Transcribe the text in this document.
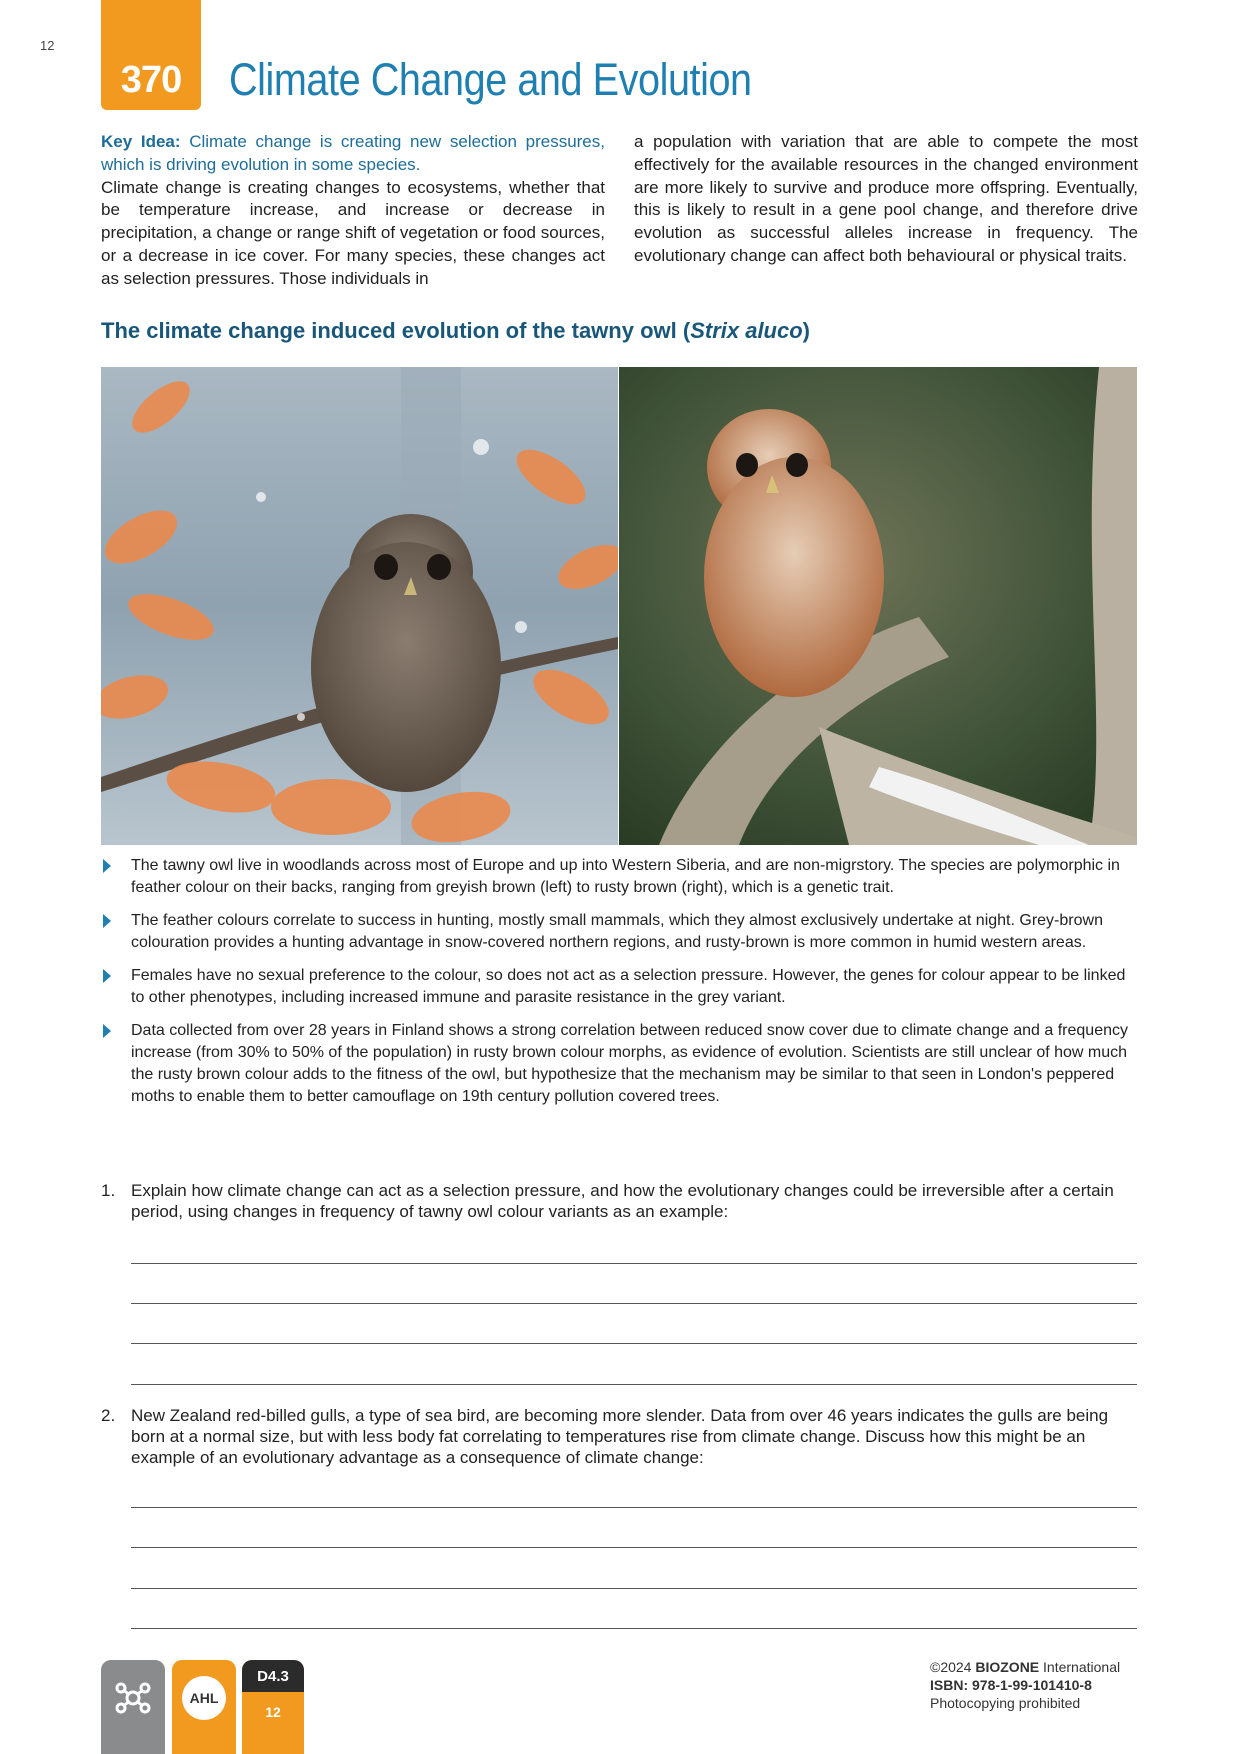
12
370	Climate Change and Evolution

Key Idea: Climate change is creating new selection pressures, which is driving evolution in some species.
Climate change is creating changes to ecosystems, whether that be temperature increase, and increase or decrease in precipitation, a change or range shift of vegetation or food sources, or a decrease in ice cover. For many species, these changes act as selection pressures. Those individuals in

a population with variation that are able to compete the most effectively for the available resources in the changed environment are more likely to survive and produce more offspring. Eventually, this is likely to result in a gene pool change, and therefore drive evolution as successful alleles increase in frequency. The evolutionary change can affect both behavioural or physical traits.

The climate change induced evolution of the tawny owl (Strix aluco)
The tawny owl live in woodlands across most of Europe and up into Western Siberia, and are non-migrstory. The species are polymorphic in feather colour on their backs, ranging from greyish brown (left) to rusty brown (right), which is a genetic trait.
The feather colours correlate to success in hunting, mostly small mammals, which they almost exclusively undertake at night. Grey-brown colouration provides a hunting advantage in snow-covered northern regions, and rusty-brown is more common in humid western areas.
Females have no sexual preference to the colour, so does not act as a selection pressure. However, the genes for colour appear to be linked to other phenotypes, including increased immune and parasite resistance in the grey variant.
Data collected from over 28 years in Finland shows a strong correlation between reduced snow cover due to climate change and a frequency increase (from 30% to 50% of the population) in rusty brown colour morphs, as evidence of evolution. Scientists are still unclear of how much the rusty brown colour adds to the fitness of the owl, but hypothesize that the mechanism may be similar to that seen in London's peppered moths to enable them to better camouflage on 19th century pollution covered trees.
1. Explain how climate change can act as a selection pressure, and how the evolutionary changes could be irreversible after a certain period, using changes in frequency of tawny owl colour variants as an example:
2. New Zealand red-billed gulls, a type of sea bird, are becoming more slender. Data from over 46 years indicates the gulls are being born at a normal size, but with less body fat correlating to temperatures rise from climate change. Discuss how this might be an example of an evolutionary advantage as a consequence of climate change:
AHL
D4.3
12
©2024 BIOZONE International
ISBN: 978-1-99-101410-8
Photocopying prohibited
